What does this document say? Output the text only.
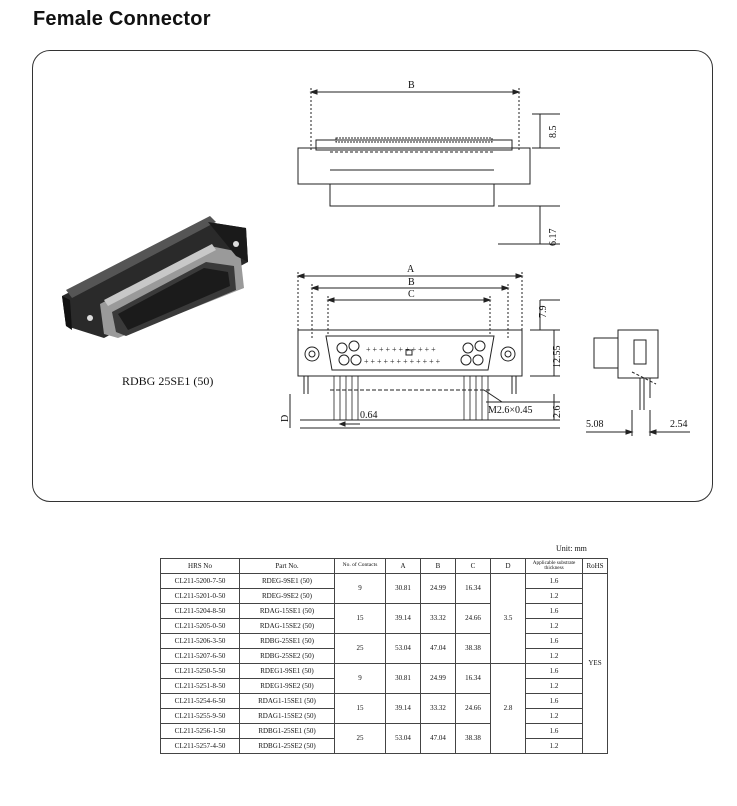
Female Connector
+ + + + + + + + + + +
+ + + + + + + + + + + +
B
8.5
6.17
A
B
C
7.9
12.55
D	0.64	M2.6×0.45 2.6
5.08	2.54
RDBG 25SE1 (50)
Unit: mm
HRS No	Part No.	No. of Contacts	A	B	C	D	Applicable substrate thickness	RoHS
CL211-5200-7-50	RDEG-9SE1 (50)	9	30.81	24.99	16.34	3.5	1.6	YES
CL211-5201-0-50	RDEG-9SE2 (50)						1.2	
CL211-5204-8-50	RDAG-15SE1 (50)	15	39.14	33.32	24.66		1.6	
CL211-5205-0-50	RDAG-15SE2 (50)						1.2	
CL211-5206-3-50	RDBG-25SE1 (50)	25	53.04	47.04	38.38		1.6	
CL211-5207-6-50	RDBG-25SE2 (50)						1.2	
CL211-5250-5-50	RDEG1-9SE1 (50)	9	30.81	24.99	16.34	2.8	1.6	
CL211-5251-8-50	RDEG1-9SE2 (50)						1.2	
CL211-5254-6-50	RDAG1-15SE1 (50)	15	39.14	33.32	24.66		1.6	
CL211-5255-9-50	RDAG1-15SE2 (50)						1.2	
CL211-5256-1-50	RDBG1-25SE1 (50)	25	53.04	47.04	38.38		1.6	
CL211-5257-4-50	RDBG1-25SE2 (50)						1.2	
